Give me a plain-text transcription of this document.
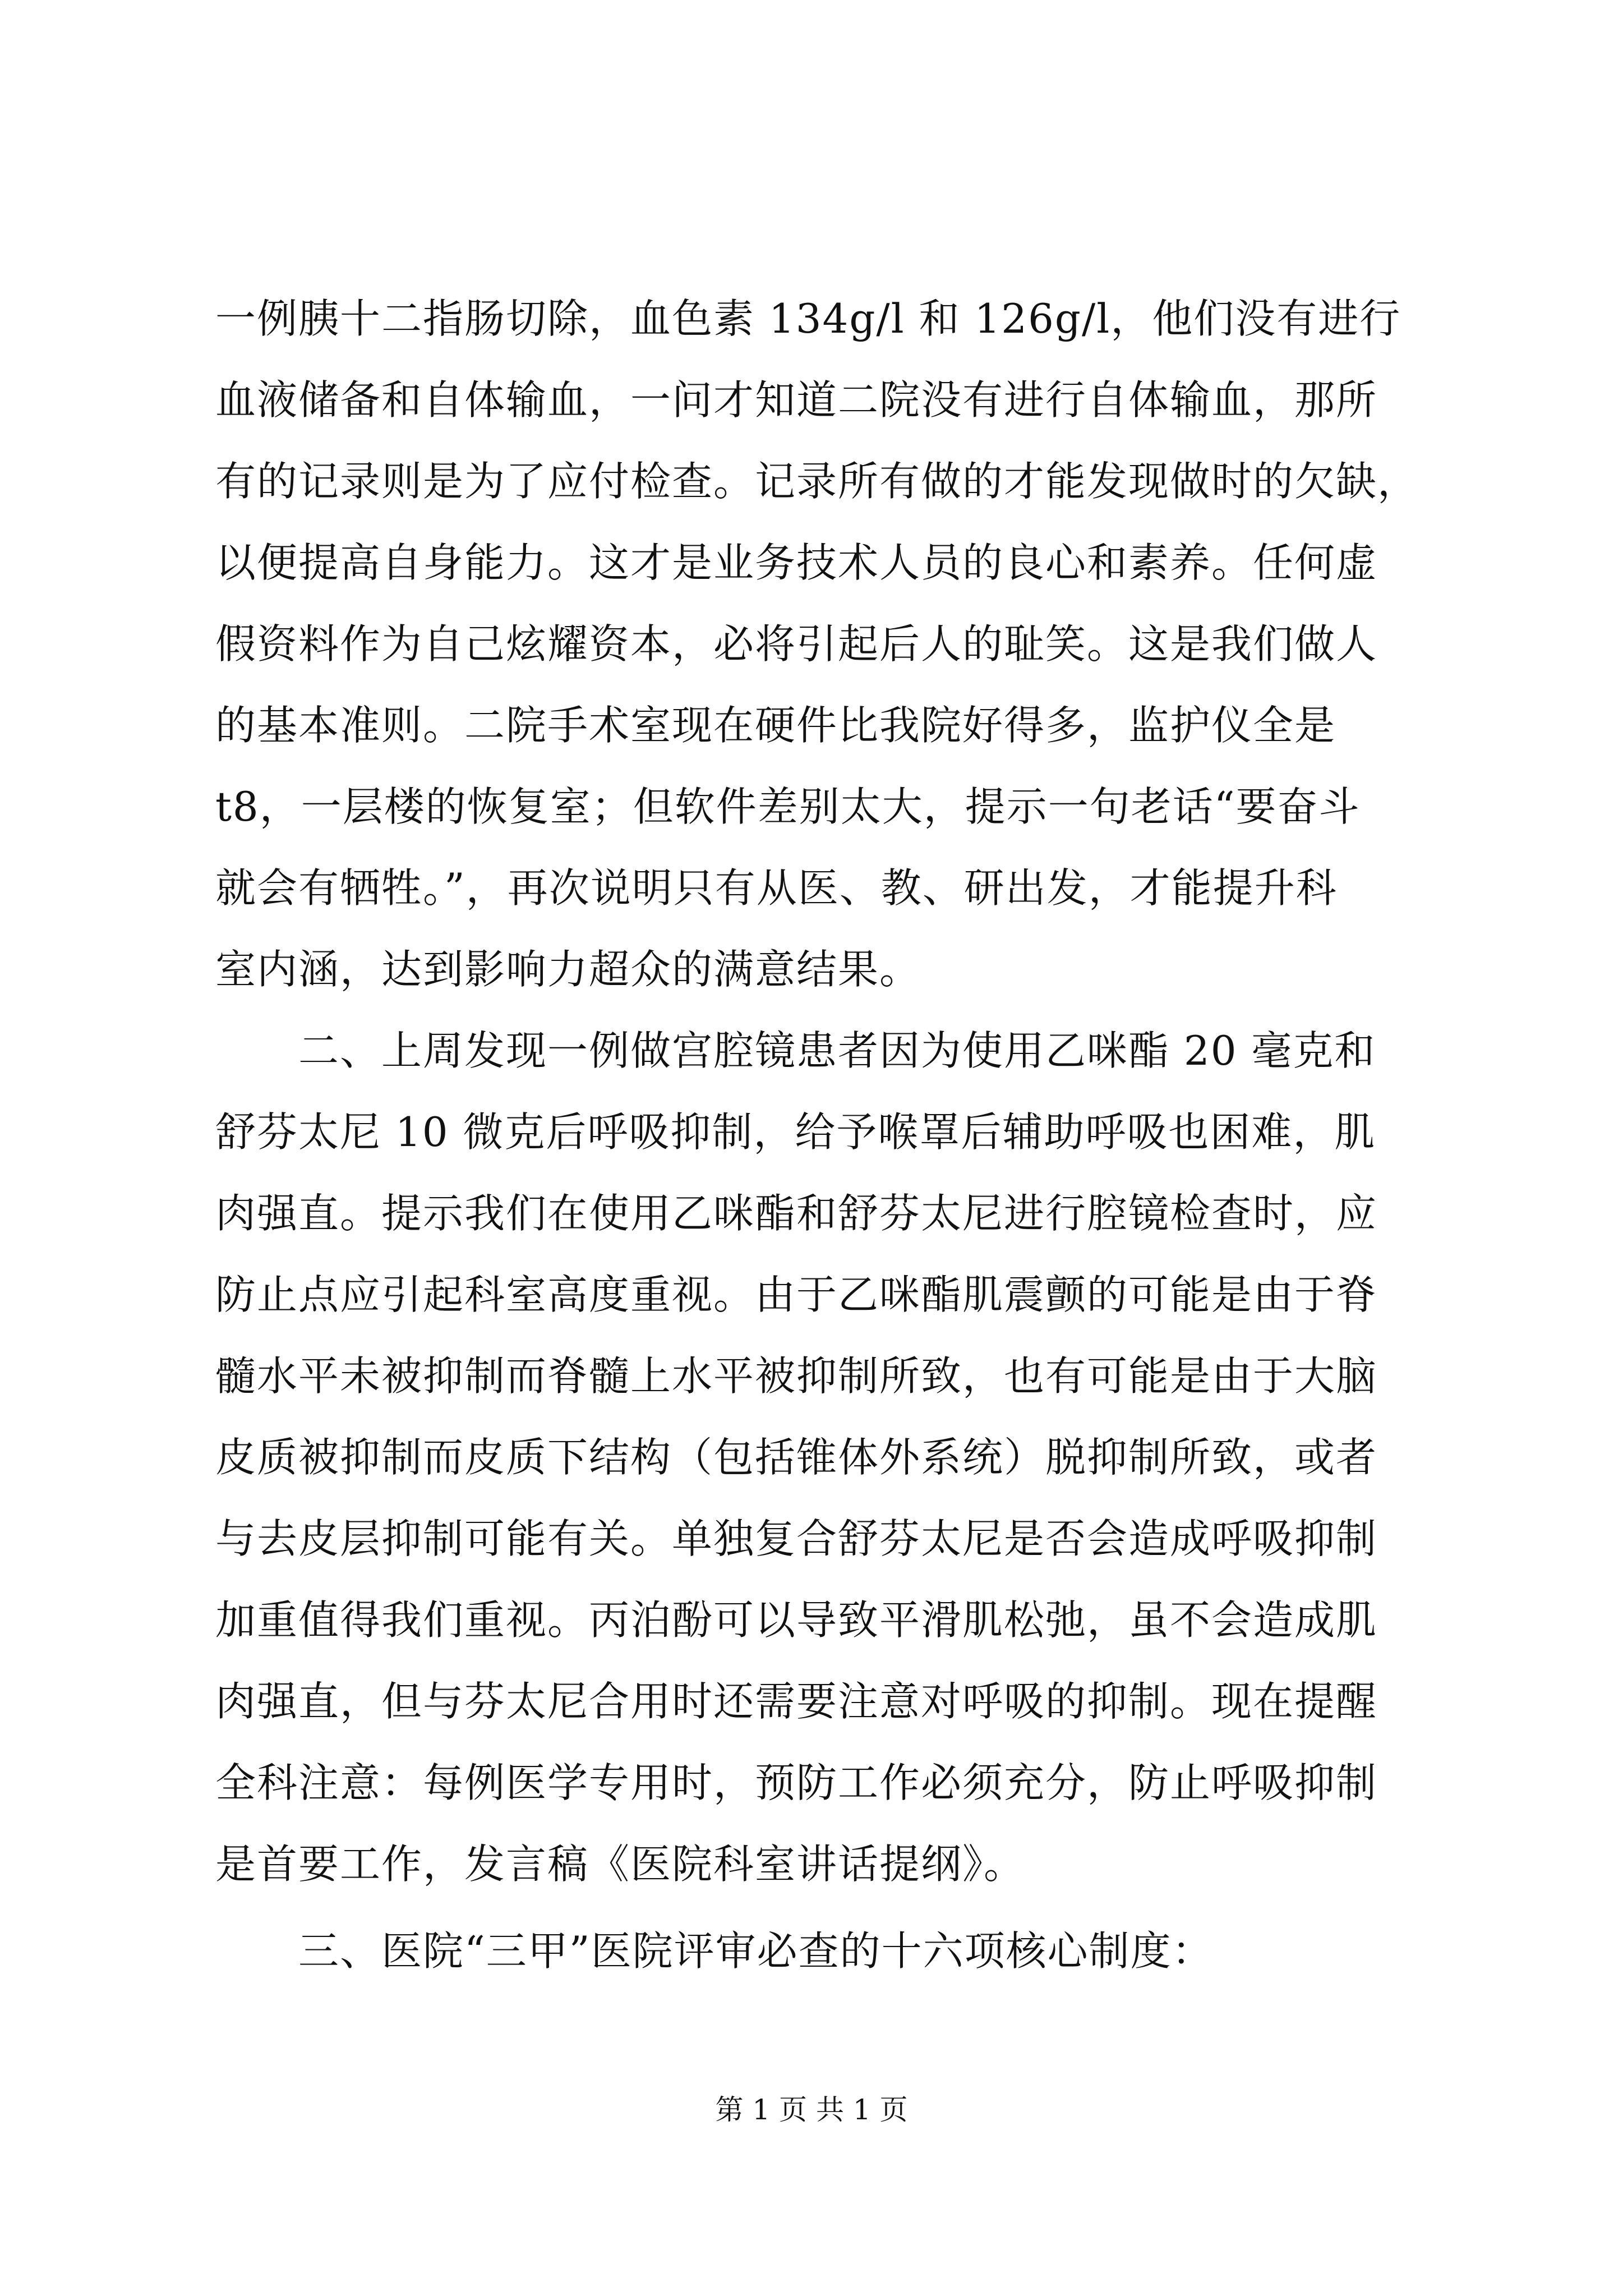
一例胰十二指肠切除，血色素 134g/l 和 126g/l，他们没有进行
血液储备和自体输血，一问才知道二院没有进行自体输血，那所
有的记录则是为了应付检查。记录所有做的才能发现做时的欠缺，
以便提高自身能力。这才是业务技术人员的良心和素养。任何虚
假资料作为自己炫耀资本，必将引起后人的耻笑。这是我们做人
的基本准则。二院手术室现在硬件比我院好得多，监护仪全是
t8，一层楼的恢复室；但软件差别太大，提示一句老话“要奋斗
就会有牺牲。”，再次说明只有从医、教、研出发，才能提升科
室内涵，达到影响力超众的满意结果。
　　二、上周发现一例做宫腔镜患者因为使用乙咪酯 20 毫克和
舒芬太尼 10 微克后呼吸抑制，给予喉罩后辅助呼吸也困难，肌
肉强直。提示我们在使用乙咪酯和舒芬太尼进行腔镜检查时，应
防止点应引起科室高度重视。由于乙咪酯肌震颤的可能是由于脊
髓水平未被抑制而脊髓上水平被抑制所致，也有可能是由于大脑
皮质被抑制而皮质下结构（包括锥体外系统）脱抑制所致，或者
与去皮层抑制可能有关。单独复合舒芬太尼是否会造成呼吸抑制
加重值得我们重视。丙泊酚可以导致平滑肌松弛，虽不会造成肌
肉强直，但与芬太尼合用时还需要注意对呼吸的抑制。现在提醒
全科注意：每例医学专用时，预防工作必须充分，防止呼吸抑制
是首要工作，发言稿《医院科室讲话提纲》。
　　三、医院“三甲”医院评审必查的十六项核心制度：
第 1 页 共 1 页
